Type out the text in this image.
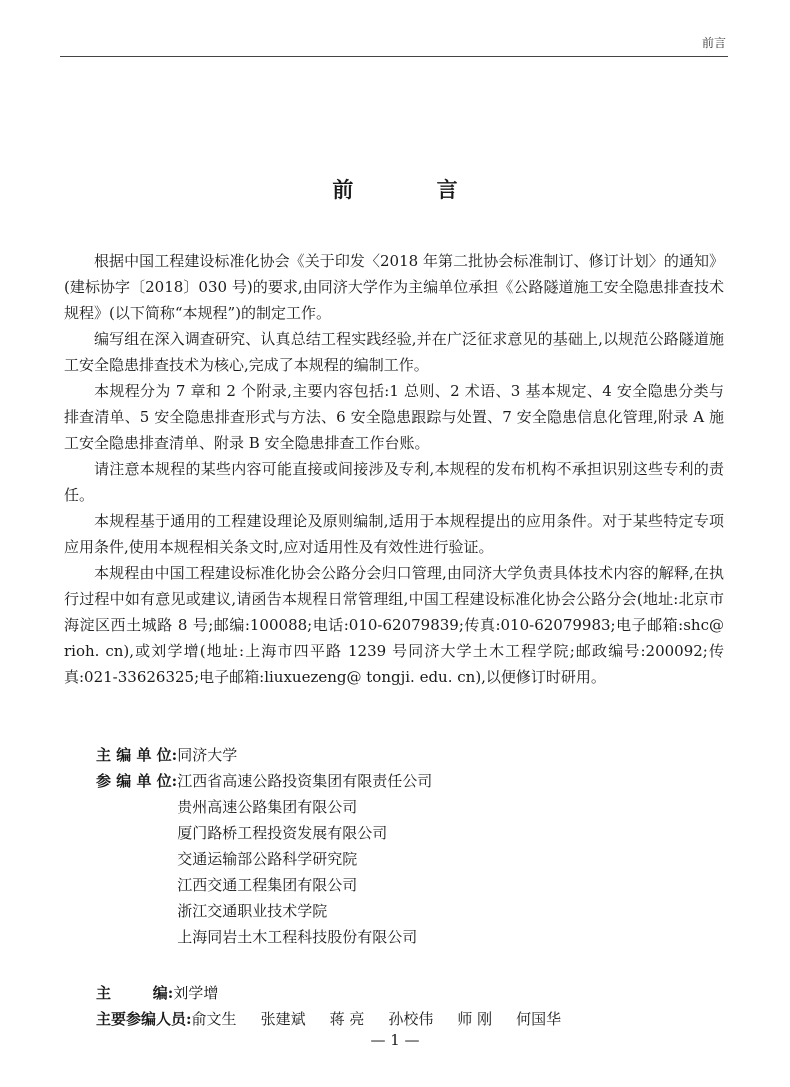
前言
前 言

根据中国工程建设标准化协会《关于印发〈2018 年第二批协会标准制订、修订计划〉的通知》(建标协字〔2018〕030 号)的要求,由同济大学作为主编单位承担《公路隧道施工安全隐患排查技术规程》(以下简称“本规程”)的制定工作。

编写组在深入调查研究、认真总结工程实践经验,并在广泛征求意见的基础上,以规范公路隧道施工安全隐患排查技术为核心,完成了本规程的编制工作。

本规程分为 7 章和 2 个附录,主要内容包括:1 总则、2 术语、3 基本规定、4 安全隐患分类与排查清单、5 安全隐患排查形式与方法、6 安全隐患跟踪与处置、7 安全隐患信息化管理,附录 A 施工安全隐患排查清单、附录 B 安全隐患排查工作台账。

请注意本规程的某些内容可能直接或间接涉及专利,本规程的发布机构不承担识别这些专利的责任。

本规程基于通用的工程建设理论及原则编制,适用于本规程提出的应用条件。对于某些特定专项应用条件,使用本规程相关条文时,应对适用性及有效性进行验证。

本规程由中国工程建设标准化协会公路分会归口管理,由同济大学负责具体技术内容的解释,在执行过程中如有意见或建议,请函告本规程日常管理组,中国工程建设标准化协会公路分会(地址:北京市海淀区西土城路 8 号;邮编:100088;电话:010-62079839;传真:010-62079983;电子邮箱:shc@ rioh. cn),或刘学增(地址:上海市四平路 1239 号同济大学土木工程学院;邮政编号:200092;传真:021-33626325;电子邮箱:liuxuezeng@ tongji. edu. cn),以便修订时研用。

主 编 单 位: 同济大学
参 编 单 位: 江西省高速公路投资集团有限责任公司
贵州高速公路集团有限公司
厦门路桥工程投资发展有限公司
交通运输部公路科学研究院
江西交通工程集团有限公司
浙江交通职业技术学院
上海同岩土木工程科技股份有限公司
主        编: 刘学增
主要参编人员: 俞文生 张建斌 蒋 亮 孙校伟 师 刚 何国华
— 1 —
